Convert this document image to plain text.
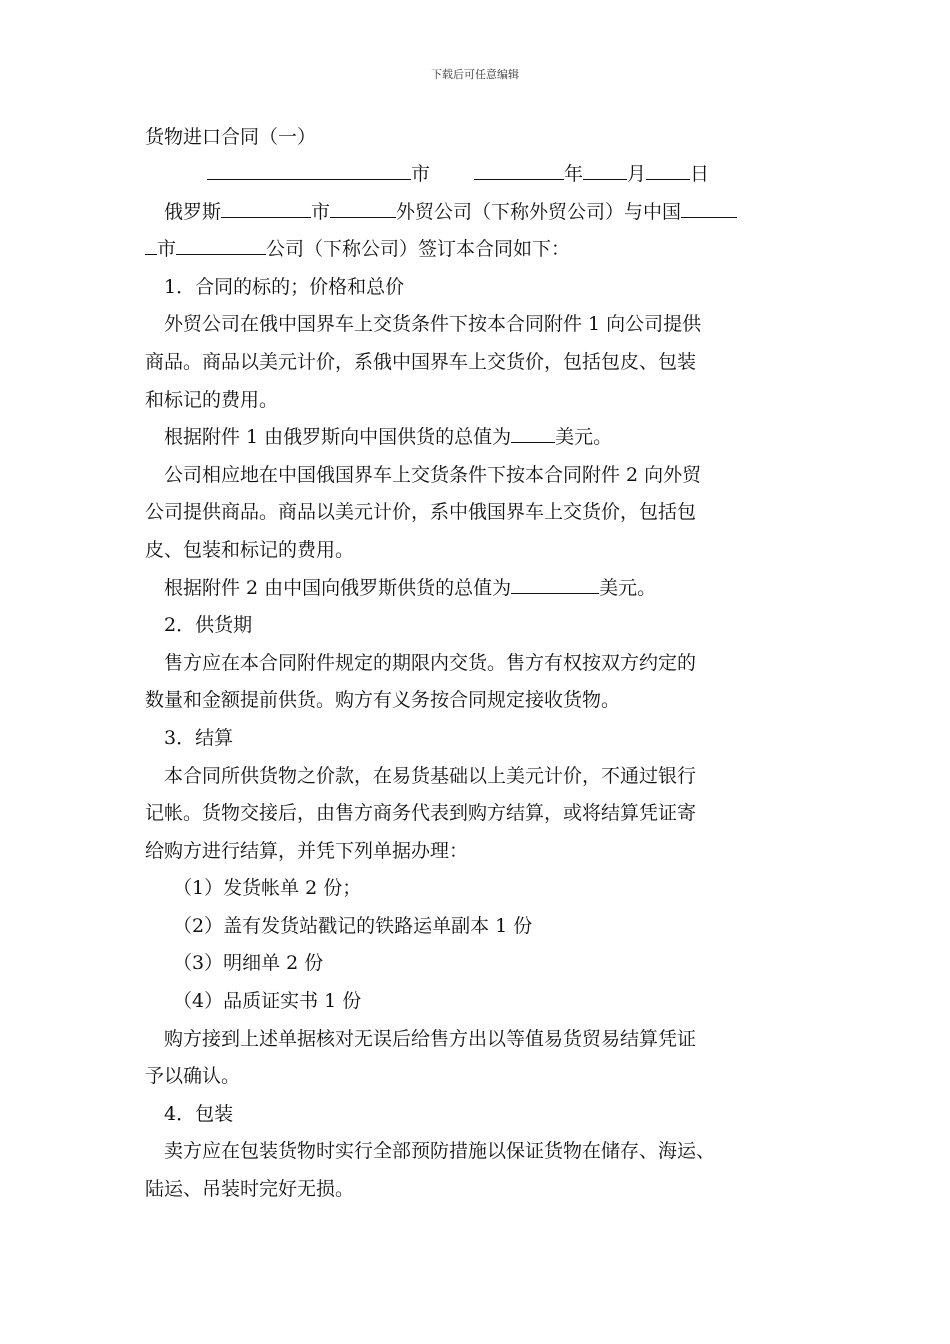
下载后可任意编辑
货物进口合同（一）
市	年 月 日
俄罗斯	市	外贸公司（下称外贸公司）与中国
市	公司（下称公司）签订本合同如下：
1．合同的标的；价格和总价
外贸公司在俄中国界车上交货条件下按本合同附件 1 向公司提供
商品。商品以美元计价，系俄中国界车上交货价，包括包皮、包装
和标记的费用。
根据附件 1 由俄罗斯向中国供货的总值为 美元。
公司相应地在中国俄国界车上交货条件下按本合同附件 2 向外贸
公司提供商品。商品以美元计价，系中俄国界车上交货价，包括包
皮、包装和标记的费用。
根据附件 2 由中国向俄罗斯供货的总值为	美元。
2．供货期
售方应在本合同附件规定的期限内交货。售方有权按双方约定的
数量和金额提前供货。购方有义务按合同规定接收货物。
3．结算
本合同所供货物之价款，在易货基础以上美元计价，不通过银行
记帐。货物交接后，由售方商务代表到购方结算，或将结算凭证寄
给购方进行结算，并凭下列单据办理：
（1）发货帐单 2 份；
（2）盖有发货站戳记的铁路运单副本 1 份
（3）明细单 2 份
（4）品质证实书 1 份
购方接到上述单据核对无误后给售方出以等值易货贸易结算凭证
予以确认。
4．包装
卖方应在包装货物时实行全部预防措施以保证货物在储存、海运、
陆运、吊装时完好无损。
